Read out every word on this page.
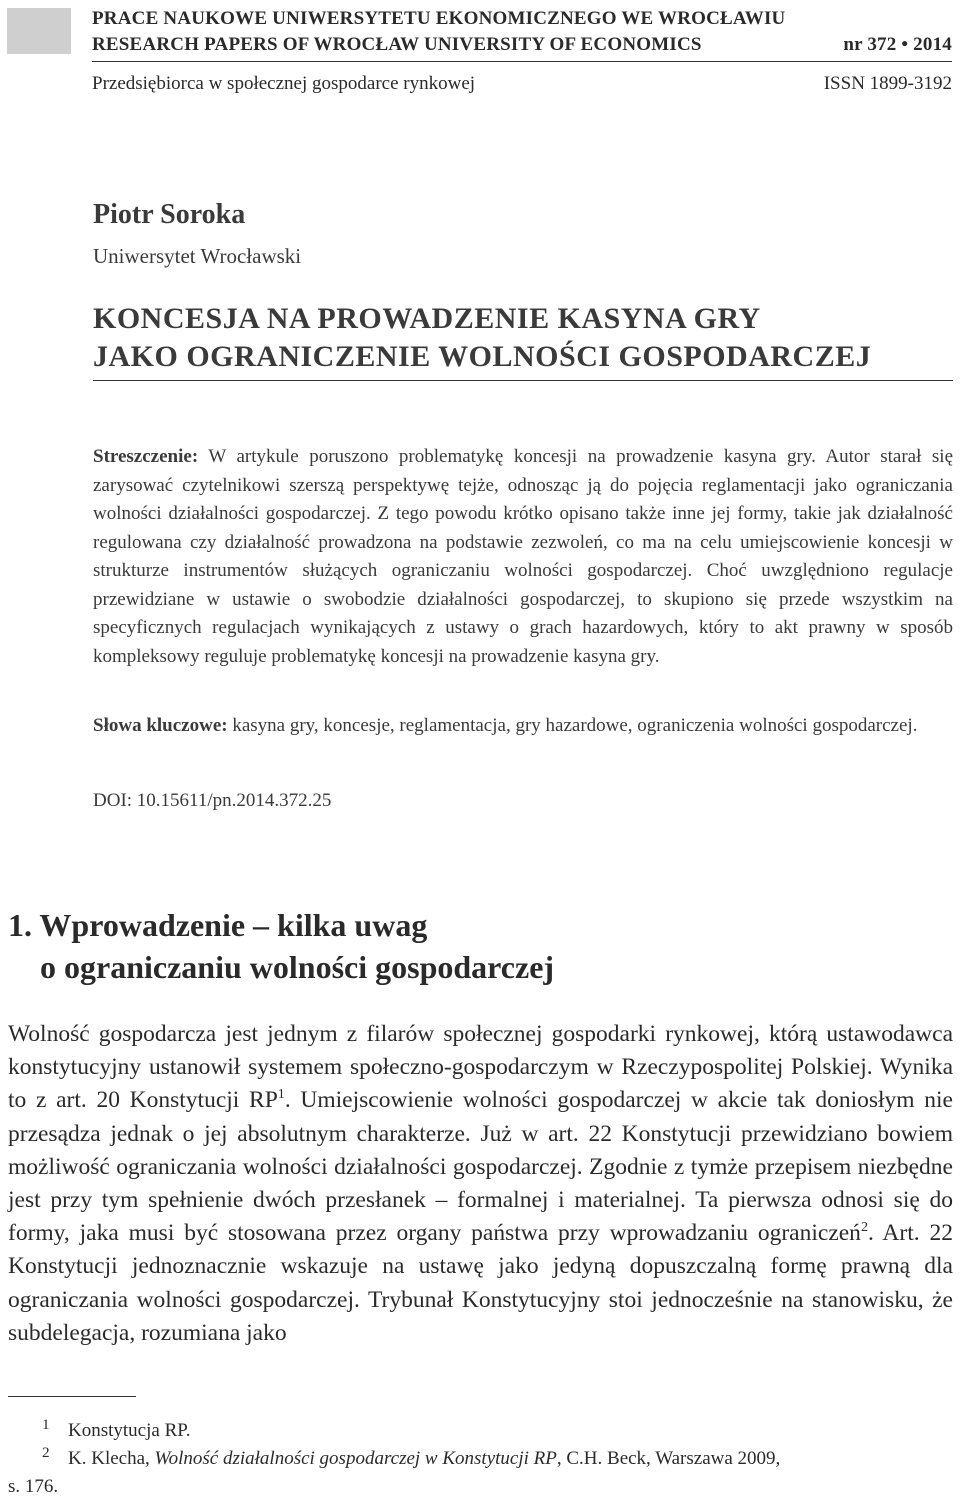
PRACE NAUKOWE UNIWERSYTETU EKONOMICZNEGO WE WROCŁAWIU
RESEARCH PAPERS OF WROCŁAW UNIVERSITY OF ECONOMICS	nr 372 • 2014
Przedsiębiorca w społecznej gospodarce rynkowej	ISSN 1899-3192
Piotr Soroka
Uniwersytet Wrocławski
KONCESJA NA PROWADZENIE KASYNA GRY
JAKO OGRANICZENIE WOLNOŚCI GOSPODARCZEJ
Streszczenie: W artykule poruszono problematykę koncesji na prowadzenie kasyna gry. Autor starał się zarysować czytelnikowi szerszą perspektywę tejże, odnosząc ją do pojęcia reglamentacji jako ograniczania wolności działalności gospodarczej. Z tego powodu krótko opisano także inne jej formy, takie jak działalność regulowana czy działalność prowadzona na podstawie zezwoleń, co ma na celu umiejscowienie koncesji w strukturze instrumentów służących ograniczaniu wolności gospodarczej. Choć uwzględniono regulacje przewidziane w ustawie o swobodzie działalności gospodarczej, to skupiono się przede wszystkim na specyficznych regulacjach wynikających z ustawy o grach hazardowych, który to akt prawny w sposób kompleksowy reguluje problematykę koncesji na prowadzenie kasyna gry.
Słowa kluczowe: kasyna gry, koncesje, reglamentacja, gry hazardowe, ograniczenia wolności gospodarczej.
DOI: 10.15611/pn.2014.372.25
1. Wprowadzenie – kilka uwag
o ograniczaniu wolności gospodarczej
Wolność gospodarcza jest jednym z filarów społecznej gospodarki rynkowej, którą ustawodawca konstytucyjny ustanowił systemem społeczno-gospodarczym w Rzeczypospolitej Polskiej. Wynika to z art. 20 Konstytucji $RP^1$. Umiejscowienie wolności gospodarczej w akcie tak doniosłym nie przesądza jednak o jej absolutnym charakterze. Już w art. 22 Konstytucji przewidziano bowiem możliwość ograniczania wolności działalności gospodarczej. Zgodnie z tymże przepisem niezbędne jest przy tym spełnienie dwóch przesłanek – formalnej i materialnej. Ta pierwsza odnosi się do formy, jaka musi być stosowana przez organy państwa przy wprowadzaniu ograniczeń$^2$. Art. 22 Konstytucji jednoznacznie wskazuje na ustawę jako jedyną dopuszczalną formę prawną dla ograniczania wolności gospodarczej. Trybunał Konstytucyjny stoi jednocześnie na stanowisku, że subdelegacja, rozumiana jako
1 Konstytucja RP.
2 K. Klecha, Wolność działalności gospodarczej w Konstytucji RP, C.H. Beck, Warszawa 2009,
s. 176.
